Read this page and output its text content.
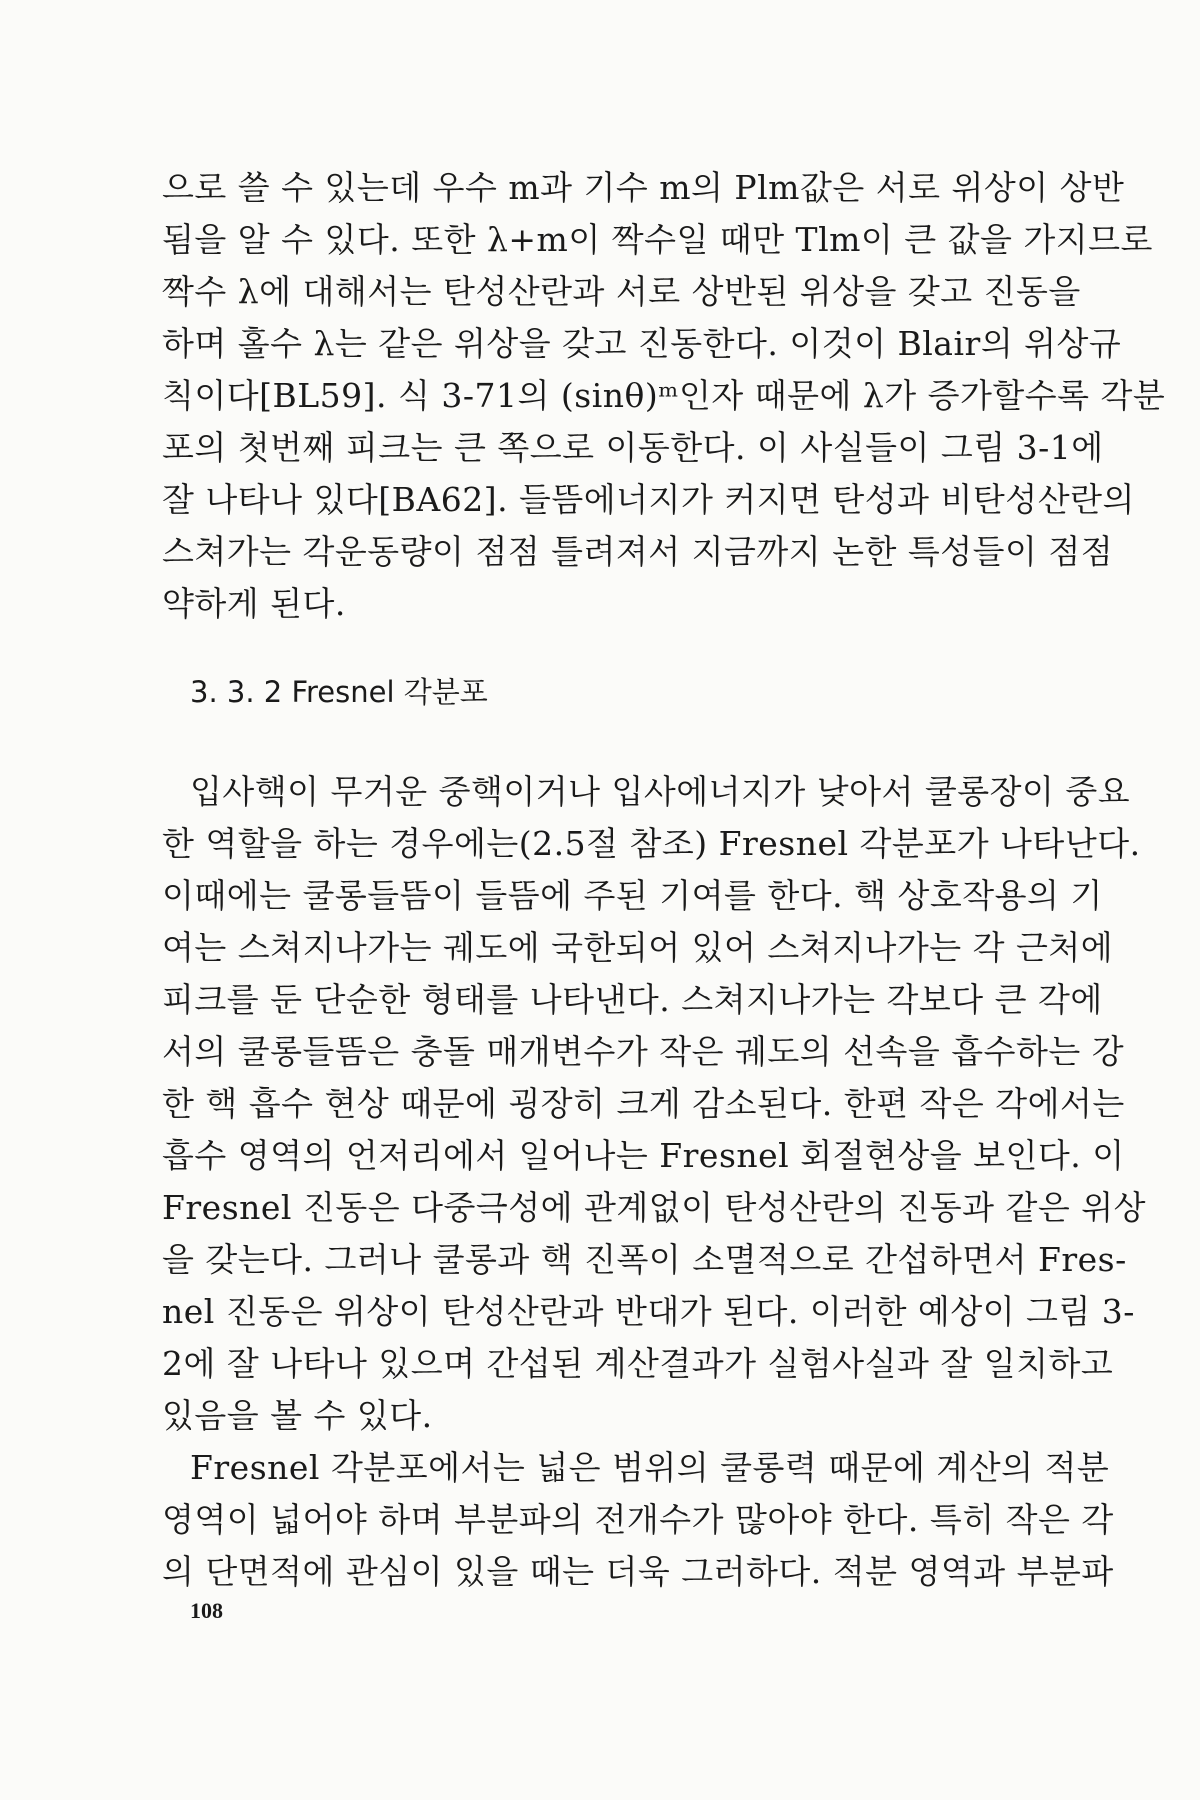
으로 쓸 수 있는데 우수 m과 기수 m의 Plm값은 서로 위상이 상반
됨을 알 수 있다. 또한 λ+m이 짝수일 때만 Tlm이 큰 값을 가지므로
짝수 λ에 대해서는 탄성산란과 서로 상반된 위상을 갖고 진동을
하며 홀수 λ는 같은 위상을 갖고 진동한다. 이것이 Blair의 위상규
칙이다[BL59]. 식 3-71의 (sinθ)ᵐ인자 때문에 λ가 증가할수록 각분
포의 첫번째 피크는 큰 쪽으로 이동한다. 이 사실들이 그림 3-1에
잘 나타나 있다[BA62]. 들뜸에너지가 커지면 탄성과 비탄성산란의
스쳐가는 각운동량이 점점 틀려져서 지금까지 논한 특성들이 점점
약하게 된다.
3. 3. 2 Fresnel 각분포
입사핵이 무거운 중핵이거나 입사에너지가 낮아서 쿨롱장이 중요
한 역할을 하는 경우에는(2.5절 참조) Fresnel 각분포가 나타난다.
이때에는 쿨롱들뜸이 들뜸에 주된 기여를 한다. 핵 상호작용의 기
여는 스쳐지나가는 궤도에 국한되어 있어 스쳐지나가는 각 근처에
피크를 둔 단순한 형태를 나타낸다. 스쳐지나가는 각보다 큰 각에
서의 쿨롱들뜸은 충돌 매개변수가 작은 궤도의 선속을 흡수하는 강
한 핵 흡수 현상 때문에 굉장히 크게 감소된다. 한편 작은 각에서는
흡수 영역의 언저리에서 일어나는 Fresnel 회절현상을 보인다. 이
Fresnel 진동은 다중극성에 관계없이 탄성산란의 진동과 같은 위상
을 갖는다. 그러나 쿨롱과 핵 진폭이 소멸적으로 간섭하면서 Fres-
nel 진동은 위상이 탄성산란과 반대가 된다. 이러한 예상이 그림 3-
2에 잘 나타나 있으며 간섭된 계산결과가 실험사실과 잘 일치하고
있음을 볼 수 있다.
Fresnel 각분포에서는 넓은 범위의 쿨롱력 때문에 계산의 적분
영역이 넓어야 하며 부분파의 전개수가 많아야 한다. 특히 작은 각
의 단면적에 관심이 있을 때는 더욱 그러하다. 적분 영역과 부분파
108
